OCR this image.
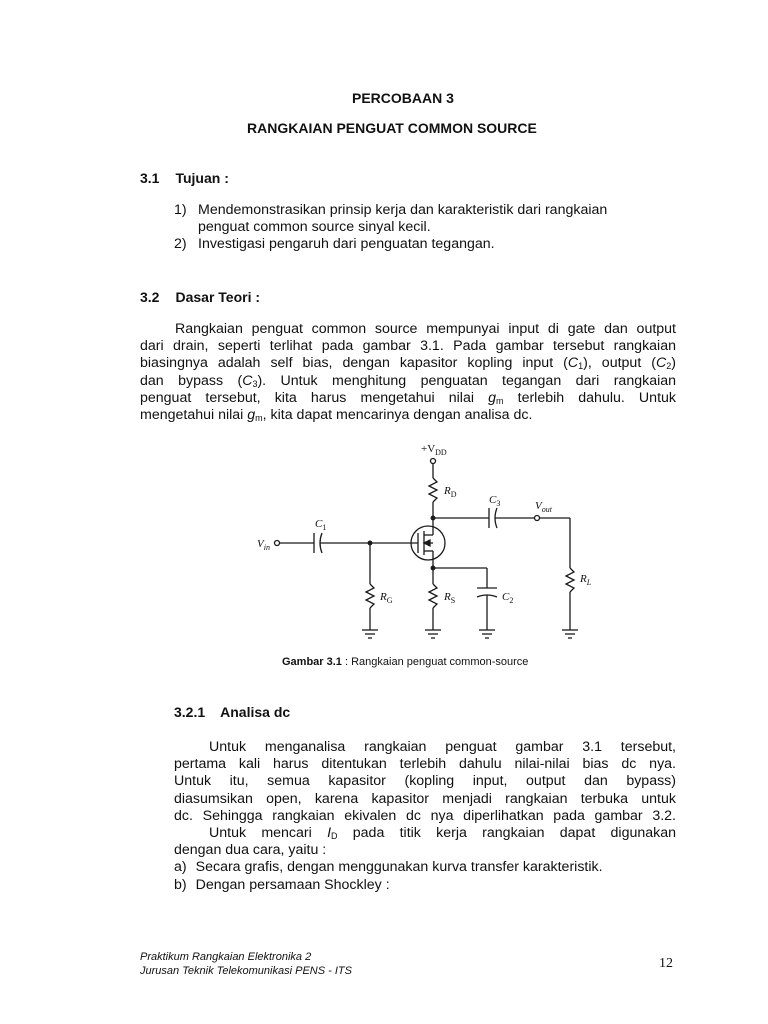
PERCOBAAN 3
RANGKAIAN PENGUAT COMMON SOURCE
3.1 Tujuan :
1) Mendemonstrasikan prinsip kerja dan karakteristik dari rangkaian
penguat common source sinyal kecil.
2) Investigasi pengaruh dari penguatan tegangan.
3.2 Dasar Teori :
Rangkaian penguat common source mempunyai input di gate dan output
dari drain, seperti terlihat pada gambar 3.1. Pada gambar tersebut rangkaian
biasingnya adalah self bias, dengan kapasitor kopling input $(C_1)$, output $(C_2)$
dan bypass $(C_3)$. Untuk menghitung penguatan tegangan dari rangkaian
penguat tersebut, kita harus mengetahui nilai $g_m$ terlebih dahulu. Untuk
mengetahui nilai $g_m$, kita dapat mencarinya dengan analisa dc.
$+V_{DD}$
$R_D$	$C_3$	$V_{out}$
$C_1$
$V_{in}$
$R_G$	$R_S$	$C_2$
$R_L$
Gambar 3.1 : Rangkaian penguat common-source
3.2.1 Analisa dc
Untuk menganalisa rangkaian penguat gambar 3.1 tersebut,
pertama kali harus ditentukan terlebih dahulu nilai-nilai bias dc nya.
Untuk itu, semua kapasitor (kopling input, output dan bypass)
diasumsikan open, karena kapasitor menjadi rangkaian terbuka untuk
dc. Sehingga rangkaian ekivalen dc nya diperlihatkan pada gambar 3.2.
Untuk mencari $I_D$ pada titik kerja rangkaian dapat digunakan
dengan dua cara, yaitu :
a) Secara grafis, dengan menggunakan kurva transfer karakteristik.
b) Dengan persamaan Shockley :
Praktikum Rangkaian Elektronika 2
Jurusan Teknik Telekomunikasi PENS - ITS	12
